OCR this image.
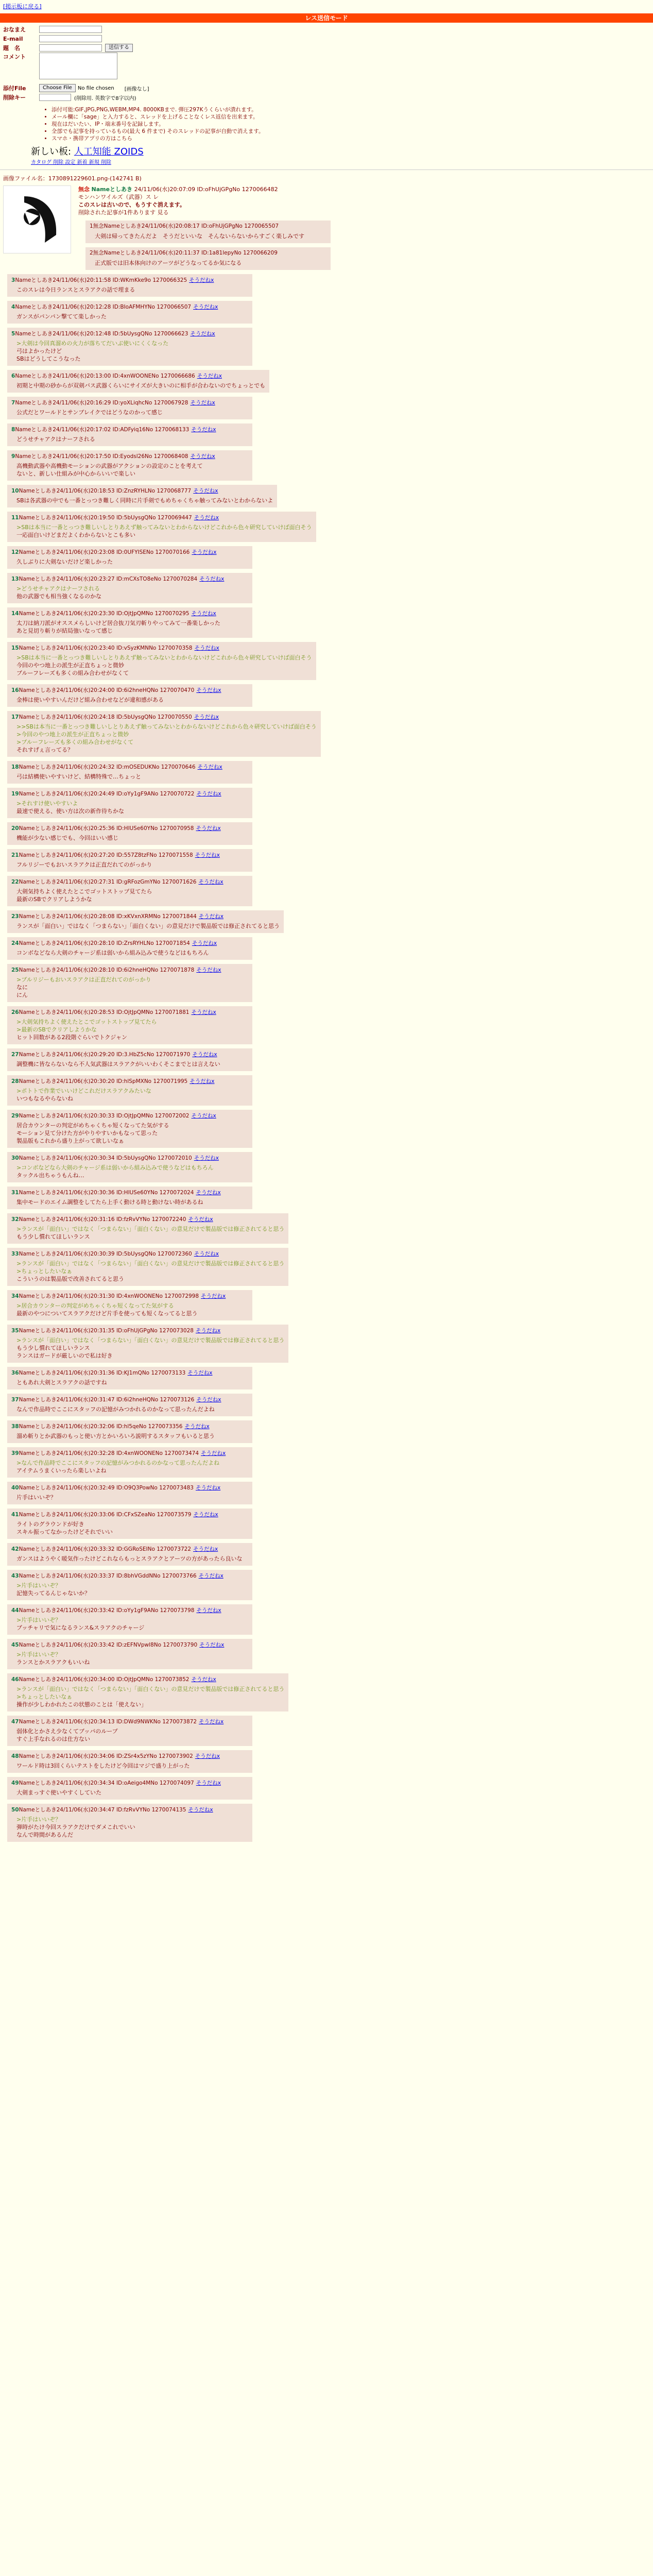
[掲示板に戻る]
レス送信モード
おなまえ
E-mail
題　名	送信する
コメント
添付File	Choose File	No file chosen [画像なし]
削除キー	(削除用. 英数字で8字以内)
• 添付可能:GIF,JPG,PNG,WEBM,MP4. 8000KBまで. 弾圧297Kうくらいが潰れます。
• メール欄に「sage」と入力すると、スレッドを上げることなくレス返信を出来ます。
• 現在はだいたい、IP・端末番号を記録します。
• 全部でも記事を持っているもの(最大 6 件まで) そのスレッドの記事が自動で消えます。
• スマホ・携帯アプリの方はこちら
新しい板: 人工知能 ZOIDS
カタログ 削除 設定 新着 新規 削除
画像ファイル名：1730891229601.png-(142741 B)
無念 Nameとしあき 24/11/06(水)20:07:09 ID:oFhUjGPgNo 1270066482
モンハンワイルズ（武器）ス レ
このスレは古いので、もうすぐ消えます。
削除された記事が1件あります 見る
1無念Nameとしあき24/11/06(水)20:08:17 ID:oFhUjGPgNo 1270065507
大剣は帰ってきたんだよ　そうだといいな　そんないらないからすごく楽しみです
2無念Nameとしあき24/11/06(水)20:11:37 ID:1a81lepyNo 1270066209
正式版では旧本体向けのアーツがどうなってるか気になる
3Nameとしあき24/11/06(水)20:11:58 ID:WKmKke9o 1270066325 そうだねx
このスレは今日ランスとスラアクの話で埋まる
4Nameとしあき24/11/06(水)20:12:28 ID:BIoAFMHYNo 1270066507 そうだねx
ガンスがパンパン撃てて楽しかった
5Nameとしあき24/11/06(水)20:12:48 ID:5bUysgQNo 1270066623 そうだねx
>大剣は今回真溜めの火力が落ちてだいぶ使いにくくなった
弓はよかったけど
SBはどうしてこうなった
6Nameとしあき24/11/06(水)20:13:00 ID:4xnWOONENo 1270066686 そうだねx
初期と中期の砂からが双剣バス武器くらいにサイズが大きいのに相手が合わないのでちょっとでも
7Nameとしあき24/11/06(水)20:16:29 ID:yoXLiqhcNo 1270067928 そうだねx
公式だとワールドとサンブレイクではどうなのかって感じ
8Nameとしあき24/11/06(水)20:17:02 ID:ADFyiq16No 1270068133 そうだねx
どうせチャアクはナーフされる
9Nameとしあき24/11/06(水)20:17:50 ID:Eyodsl26No 1270068408 そうだねx
高機動武器や高機動モーションの武器がアクションの設定のことを考えて
ないと、新しい仕組みが中心からいいで楽しい
10Nameとしあき24/11/06(水)20:18:53 ID:ZnzRYHLNo 1270068777 そうだねx
SBは各武器の中でも一番とっつき難しく同時に片手剣でもめちゃくちゃ触ってみないとわからないよ
11Nameとしあき24/11/06(水)20:19:50 ID:5bUysgQNo 1270069447 そうだねx
>SBは本当に一番とっつき難しいしとりあえず触ってみないとわからないけどこれから色々研究していけば面白そう
一応面白いけどまだよくわからないとこも多い
12Nameとしあき24/11/06(水)20:23:08 ID:0UFYISENo 1270070166 そうだねx
久しぶりに大剣ないだけど楽しかった
13Nameとしあき24/11/06(水)20:23:27 ID:mCXsTO8eNo 1270070284 そうだねx
>どうせチャアクはナーフされる
他の武器でも相当強くなるのかな
14Nameとしあき24/11/06(水)20:23:30 ID:OjtJpQMNo 1270070295 そうだねx
太刀は納刀派がオススメらしいけど居合抜刀気刃斬りやってみて一番楽しかった
あと見切り斬りが結局強いなって感じ
15Nameとしあき24/11/06(水)20:23:40 ID:vSyzKMNNo 1270070358 そうだねx
>SBは本当に一番とっつき難しいしとりあえず触ってみないとわからないけどこれから色々研究していけば面白そう
今回のやつ地上の派生が正直ちょっと微妙
ブルーフレーズも多くの組み合わせがなくて
16Nameとしあき24/11/06(水)20:24:00 ID:6i2hneHQNo 1270070470 そうだねx
金棒は使いやすいんだけど組み合わせなどが違和感がある
17Nameとしあき24/11/06(水)20:24:18 ID:5bUysgQNo 1270070550 そうだねx
>>SBは本当に一番とっつき難しいしとりあえず触ってみないとわからないけどこれから色々研究していけば面白そう
>今回のやつ地上の派生が正直ちょっと微妙
>ブルーフレーズも多くの組み合わせがなくて
それすげぇ言ってる？
18Nameとしあき24/11/06(水)20:24:32 ID:mOSEDUKNo 1270070646 そうだねx
弓は結構使いやすいけど、結構特殊で…ちょっと
19Nameとしあき24/11/06(水)20:24:49 ID:oYy1gF9ANo 1270070722 そうだねx
>それすけ使いやすいよ
最速で使える、使い方は次の新作待ちかな
20Nameとしあき24/11/06(水)20:25:36 ID:HlUSe60YNo 1270070958 そうだねx
機能が少ない感じでも、今回はいい感じ
21Nameとしあき24/11/06(水)20:27:20 ID:557Z8tzFNo 1270071558 そうだねx
フルリジーでもおいスラアクは正直だれてのがっかり
22Nameとしあき24/11/06(水)20:27:31 ID:gRFozGmYNo 1270071626 そうだねx
大剣気持ちよく使えたとこでゴットストップ見てたら
最新のSBでクリアしようかな
23Nameとしあき24/11/06(水)20:28:08 ID:xKVxnXRMNo 1270071844 そうだねx
ランスが「面白い」ではなく「つまらない」「面白くない」の意見だけで製品版では修正されてると思う
24Nameとしあき24/11/06(水)20:28:10 ID:ZrsRYHLNo 1270071854 そうだねx
コンボなどなら大剣のチャージ系は弱いから組み込みで使うなどはもちろん
25Nameとしあき24/11/06(水)20:28:10 ID:6i2hneHQNo 1270071878 そうだねx
>ブルリジーもおいスラアクは正直だれてのがっかり
なに
にん
26Nameとしあき24/11/06(水)20:28:53 ID:OjtJpQMNo 1270071881 そうだねx
>大剣気持ちよく使えたとこでゴットストップ見てたら
>最新のSBでクリアしようかな
ヒット回数がある2段階ぐらいでトクジャン
27Nameとしあき24/11/06(水)20:29:20 ID:3.HbZ5cNo 1270071970 そうだねx
調整機に皆ならないなら不人気武器はスラアクがいいわくそこまでとは言えない
28Nameとしあき24/11/06(水)20:30:20 ID:hlSpMXNo 1270071995 そうだねx
>ポトトで作業でいいけどこれだけスラアクみたいな
いつもなるやらないね
29Nameとしあき24/11/06(水)20:30:33 ID:OjtJpQMNo 1270072002 そうだねx
居合カウンターの判定がめちゃくちゃ短くなってた気がする
モーション見て分けた方がやりやすいかもなって思った
製品版もこれから盛り上がって欲しいなぁ
30Nameとしあき24/11/06(水)20:30:34 ID:5bUysgQNo 1270072010 そうだねx
>コンボなどなら大剣のチャージ系は弱いから組み込みで使うなどはもちろん
タックル出ちゃうもんね…
31Nameとしあき24/11/06(水)20:30:36 ID:HlUSe60YNo 1270072024 そうだねx
集中モードのエイム調整をしてたら上手く動ける時と動けない時があるね
32Nameとしあき24/11/06(水)20:31:16 ID:fzRvVYNo 1270072240 そうだねx
>ランスが「面白い」ではなく「つまらない」「面白くない」の意見だけで製品版では修正されてると思う
もう少し慣れてほしいランス
33Nameとしあき24/11/06(水)20:30:39 ID:5bUysgQNo 1270072360 そうだねx
>ランスが「面白い」ではなく「つまらない」「面白くない」の意見だけで製品版では修正されてると思う
>ちょっとしたいなぁ
こういうのは製品版で改善されてると思う
34Nameとしあき24/11/06(水)20:31:30 ID:4xnWOONENo 1270072998 そうだねx
>居合カウンターの判定がめちゃくちゃ短くなってた気がする
最新のやつについてスラアクだけど片手を使っても短くなってると思う
35Nameとしあき24/11/06(水)20:31:35 ID:oFhUjGPgNo 1270073028 そうだねx
>ランスが「面白い」ではなく「つまらない」「面白くない」の意見だけで製品版では修正されてると思う
もう少し慣れてほしいランス
ランスはガードが厳しいので私は好き
36Nameとしあき24/11/06(水)20:31:36 ID:KJ1mQNo 1270073133 そうだねx
ともあれ大剣とスラアクの話ですね
37Nameとしあき24/11/06(水)20:31:47 ID:6i2hneHQNo 1270073126 そうだねx
なんで作品時でここにスタッフの記憶がみつかれるのかなって思ったんだよね
38Nameとしあき24/11/06(水)20:32:06 ID:hl5qeNo 1270073356 そうだねx
溜め斬りとか武器のもっと使い方とかいろいろ説明するスタッフもいると思う
39Nameとしあき24/11/06(水)20:32:28 ID:4xnWOONENo 1270073474 そうだねx
>なんで作品時でここにスタッフの記憶がみつかれるのかなって思ったんだよね
アイテムうまくいったら楽しいよね
40Nameとしあき24/11/06(水)20:32:49 ID:O9Q3PowNo 1270073483 そうだねx
片手はいいぞ？
41Nameとしあき24/11/06(水)20:33:06 ID:CFxSZeaNo 1270073579 そうだねx
ライトのグラウンドが好き
スキル振ってなかったけどそれでいい
42Nameとしあき24/11/06(水)20:33:32 ID:GGRoSEINo 1270073722 そうだねx
ガンスはようやく暖気作ったけどこれならもっとスラアクとアーツの方があったら良いな
43Nameとしあき24/11/06(水)20:33:37 ID:8bhVGddNNo 1270073766 そうだねx
>片手はいいぞ？
記憶失ってるんじゃないか？
44Nameとしあき24/11/06(水)20:33:42 ID:oYy1gF9ANo 1270073798 そうだねx
>片手はいいぞ？
ブッチャリで気になるランス&スラアクのチャージ
45Nameとしあき24/11/06(水)20:33:42 ID:zEFNVpwl8No 1270073790 そうだねx
>片手はいいぞ？
ランスとかスラアクもいいね
46Nameとしあき24/11/06(水)20:34:00 ID:OjtJpQMNo 1270073852 そうだねx
>ランスが「面白い」ではなく「つまらない」「面白くない」の意見だけで製品版では修正されてると思う
>ちょっとしたいなぁ
操作が少しわかれたこの状態のことは「使えない」
47Nameとしあき24/11/06(水)20:34:13 ID:DWd9NWKNo 1270073872 そうだねx
弱体化とかさえ少なくてブッパのループ
すぐ上手なれるのは仕方ない
48Nameとしあき24/11/06(水)20:34:06 ID:ZSr4x5zYNo 1270073902 そうだねx
ワールド時は3回くらいテストをしたけど今回はマジで盛り上がった
49Nameとしあき24/11/06(水)20:34:34 ID:oAeigo4MNo 1270074097 そうだねx
大剣まっすぐ使いやすくしていた
50Nameとしあき24/11/06(水)20:34:47 ID:fzRvVYNo 1270074135 そうだねx
>片手はいいぞ？
弾時がたけ今回スラアクだけでダメこれでいい
なんで時間があるんだ
